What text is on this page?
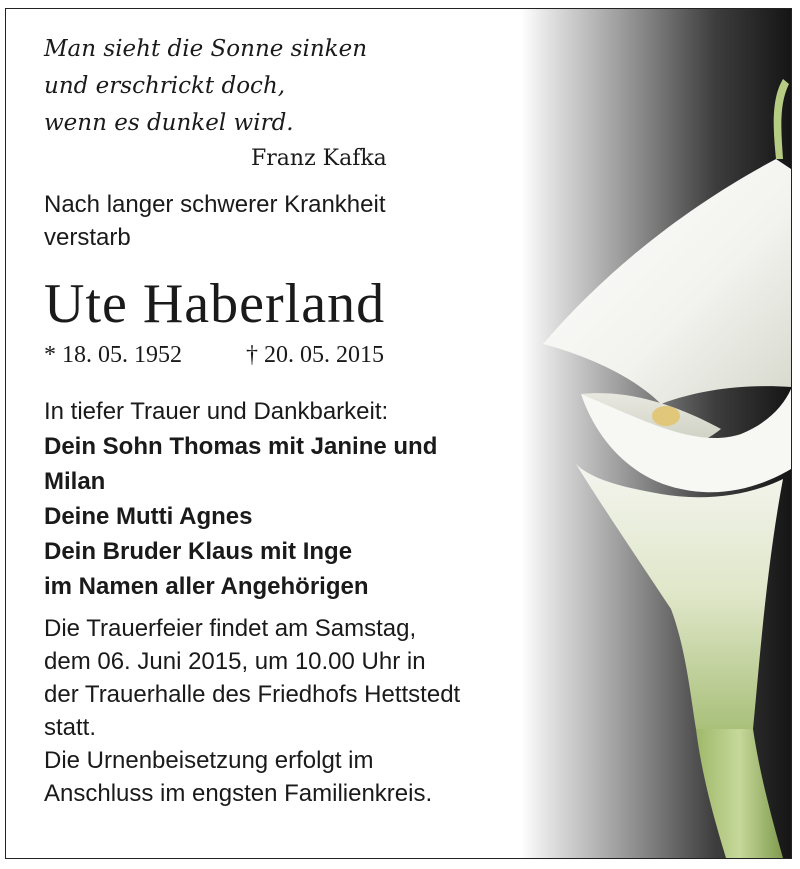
Man sieht die Sonne sinken
und erschrickt doch,
wenn es dunkel wird.
Franz Kafka
Nach langer schwerer Krankheit
verstarb
Ute Haberland
* 18. 05. 1952	† 20. 05. 2015
In tiefer Trauer und Dankbarkeit:
Dein Sohn Thomas mit Janine und
Milan
Deine Mutti Agnes
Dein Bruder Klaus mit Inge
im Namen aller Angehörigen
Die Trauerfeier findet am Samstag,
dem 06. Juni 2015, um 10.00 Uhr in
der Trauerhalle des Friedhofs Hettstedt
statt.
Die Urnenbeisetzung erfolgt im
Anschluss im engsten Familienkreis.
